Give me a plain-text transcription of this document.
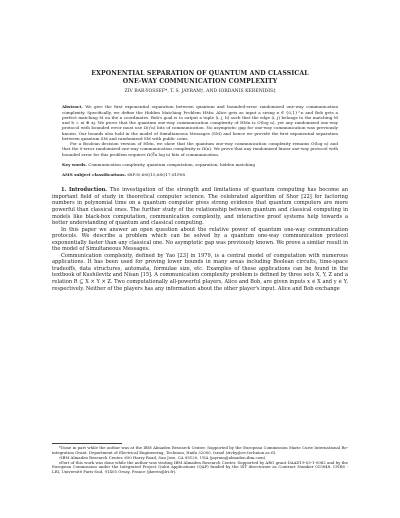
EXPONENTIAL SEPARATION OF QUANTUM AND CLASSICAL
ONE-WAY COMMUNICATION COMPLEXITY
ZIV BAR-YOSSEF*, T. S. JAYRAM†, AND IORDANIS KERENIDIS‡

Abstract. We give the first exponential separation between quantum and bounded-error randomized one-way communication complexity. Specifically, we define the Hidden Matching Problem HMn: Alice gets as input a string x ∈ {0,1}^n and Bob gets a perfect matching M on the n coordinates. Bob's goal is to output a tuple ⟨i, j, b⟩ such that the edge (i, j) belongs to the matching M and b = xi ⊕ xj. We prove that the quantum one-way communication complexity of HMn is O(log n), yet any randomized one-way protocol with bounded error must use Ω(√n) bits of communication. No asymptotic gap for one-way communication was previously known. Our bounds also hold in the model of Simultaneous Messages (SM) and hence we provide the first exponential separation between quantum SM and randomized SM with public coins.

For a Boolean decision version of HMn, we show that the quantum one-way communication complexity remains O(log n) and that the 0-error randomized one-way communication complexity is Ω(n). We prove that any randomized linear one-way protocol with bounded error for this problem requires Ω(∛n log n) bits of communication.

Key words. Communication complexity, quantum computation, separation, hidden matching
AMS subject classifications. 68P30,68Q15,68Q17,81P68

1. Introduction. The investigation of the strength and limitations of quantum computing has become an important field of study in theoretical computer science. The celebrated algorithm of Shor [22] for factoring numbers in polynomial time on a quantum computer gives strong evidence that quantum computers are more powerful than classical ones. The further study of the relationship between quantum and classical computing in models like black-box computation, communication complexity, and interactive proof systems help towards a better understanding of quantum and classical computing.

In this paper we answer an open question about the relative power of quantum one-way communication protocols. We describe a problem which can be solved by a quantum one-way communication protocol exponentially faster than any classical one. No asymptotic gap was previously known. We prove a similar result in the model of Simultaneous Messages.

Communication complexity, defined by Yao [23] in 1979, is a central model of computation with numerous applications. It has been used for proving lower bounds in many areas including Boolean circuits, time-space tradeoffs, data structures, automata, formulae size, etc. Examples of these applications can be found in the textbook of Kushilevitz and Nisan [15]. A communication complexity problem is defined by three sets X, Y, Z and a relation R ⊆ X × Y × Z. Two computationally all-powerful players, Alice and Bob, are given inputs x ∈ X and y ∈ Y, respectively. Neither of the players has any information about the other player's input. Alice and Bob exchange

*Done in part while the author was at the IBM Almaden Research Center. Supported by the European Commission Marie Curie International Re-integration Grant. Department of Electrical Engineering, Technion, Haifa 32000, Israel (zivby@ee.technion.ac.il).

†IBM Almaden Research Center, 650 Harry Road, San Jose, CA 95120, USA (jayram@almaden.ibm.com).

‡Part of this work was done while the author was visiting IBM Almaden Research Center. Supported by ARO grant DAAD19-03-1-0082 and by the European Commission under the Integrated Project Qubit Applications (QAP) funded by the IST directorate as Contract Number 015848. CNRS - LRI, Université Paris-Sud, 91405 Orsay, France (jkeren@lri.fr).
